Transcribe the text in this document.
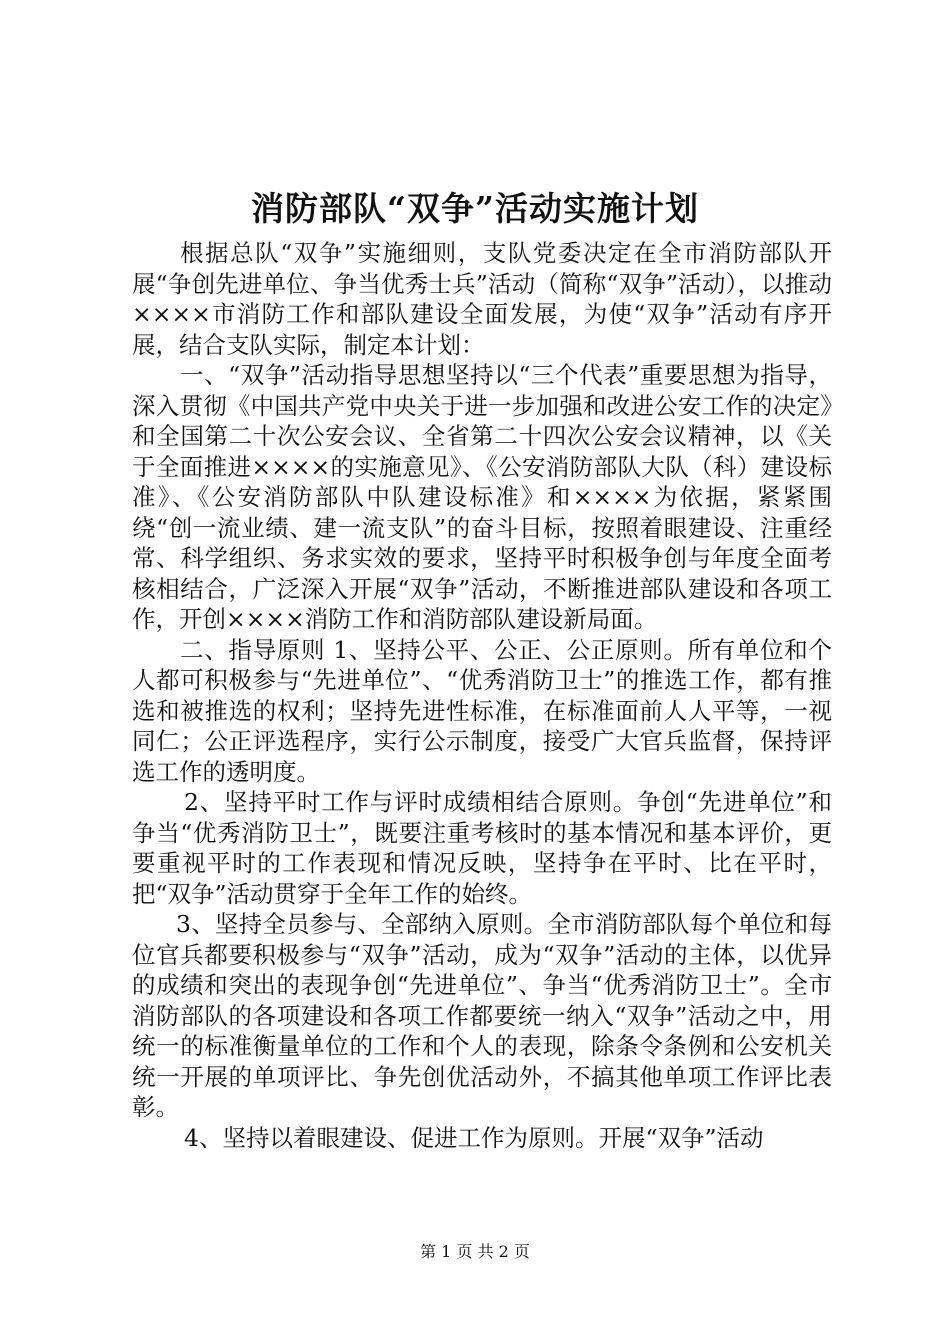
消防部队“双争”活动实施计划

根据总队“双争”实施细则，支队党委决定在全市消防部队开展“争创先进单位、争当优秀士兵”活动（简称“双争”活动），以推动××××市消防工作和部队建设全面发展，为使“双争”活动有序开展，结合支队实际，制定本计划：

一、“双争”活动指导思想坚持以“三个代表”重要思想为指导，深入贯彻《中国共产党中央关于进一步加强和改进公安工作的决定》和全国第二十次公安会议、全省第二十四次公安会议精神，以《关于全面推进××××的实施意见》、《公安消防部队大队（科）建设标准》、《公安消防部队中队建设标准》和××××为依据，紧紧围绕“创一流业绩、建一流支队”的奋斗目标，按照着眼建设、注重经常、科学组织、务求实效的要求，坚持平时积极争创与年度全面考核相结合，广泛深入开展“双争”活动，不断推进部队建设和各项工作，开创××××消防工作和消防部队建设新局面。

二、指导原则 1、坚持公平、公正、公正原则。所有单位和个人都可积极参与“先进单位”、“优秀消防卫士”的推选工作，都有推选和被推选的权利；坚持先进性标准，在标准面前人人平等，一视同仁；公正评选程序，实行公示制度，接受广大官兵监督，保持评选工作的透明度。

2、坚持平时工作与评时成绩相结合原则。争创“先进单位”和争当“优秀消防卫士”，既要注重考核时的基本情况和基本评价，更要重视平时的工作表现和情况反映，坚持争在平时、比在平时，把“双争”活动贯穿于全年工作的始终。

3、坚持全员参与、全部纳入原则。全市消防部队每个单位和每位官兵都要积极参与“双争”活动，成为“双争”活动的主体，以优异的成绩和突出的表现争创“先进单位”、争当“优秀消防卫士”。全市消防部队的各项建设和各项工作都要统一纳入“双争”活动之中，用统一的标准衡量单位的工作和个人的表现，除条令条例和公安机关统一开展的单项评比、争先创优活动外，不搞其他单项工作评比表彰。

4、坚持以着眼建设、促进工作为原则。开展“双争”活动

第 1 页 共 2 页
